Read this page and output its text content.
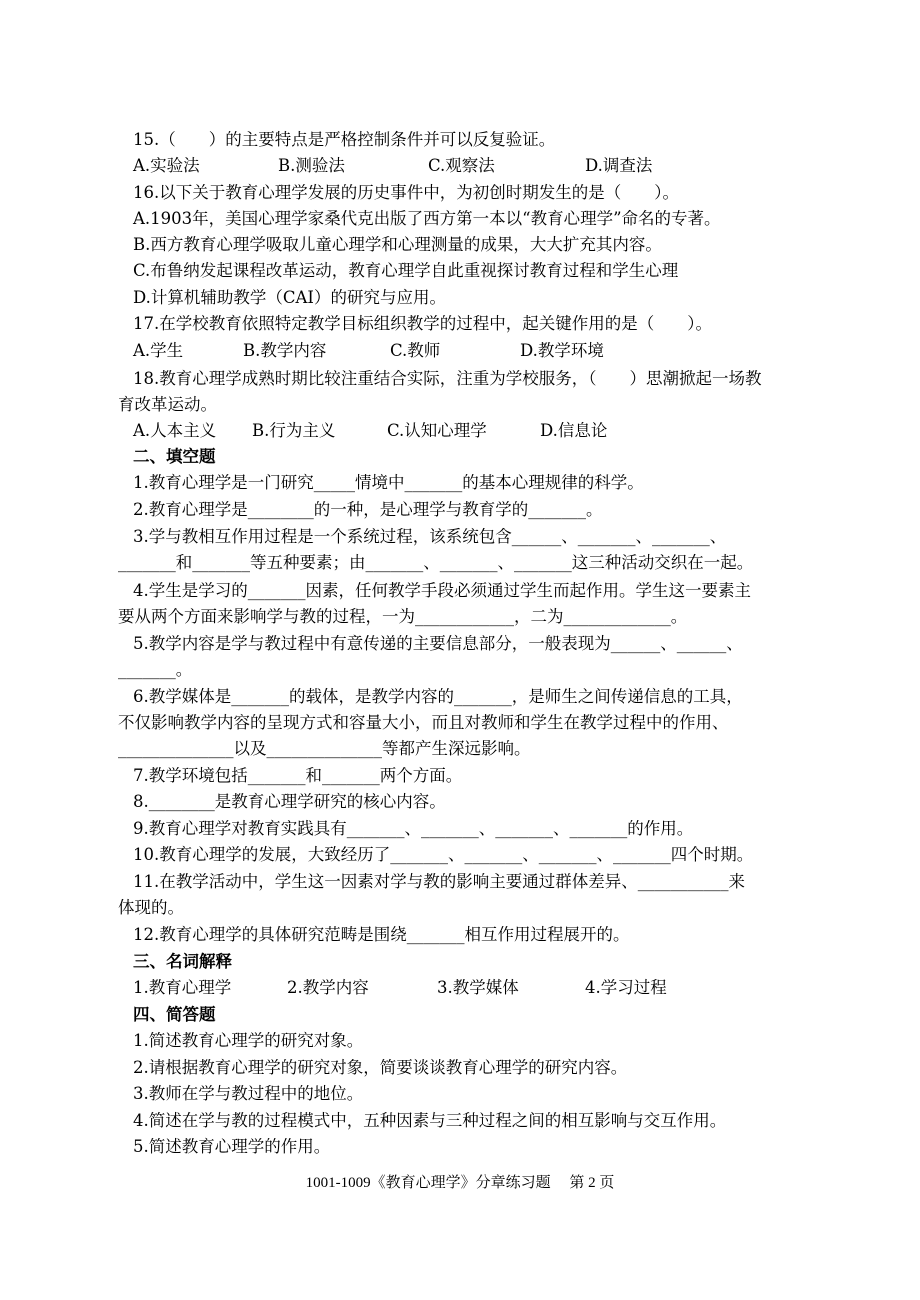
15.（　　）的主要特点是严格控制条件并可以反复验证。
A.实验法	B.测验法	C.观察法	D.调查法
16.以下关于教育心理学发展的历史事件中，为初创时期发生的是（　　）。
A.1903年，美国心理学家桑代克出版了西方第一本以“教育心理学”命名的专著。
B.西方教育心理学吸取儿童心理学和心理测量的成果，大大扩充其内容。
C.布鲁纳发起课程改革运动，教育心理学自此重视探讨教育过程和学生心理
D.计算机辅助教学（CAI）的研究与应用。
17.在学校教育依照特定教学目标组织教学的过程中，起关键作用的是（　　）。
A.学生	B.教学内容	C.教师	D.教学环境
18.教育心理学成熟时期比较注重结合实际，注重为学校服务，（　　）思潮掀起一场教
育改革运动。
A.人本主义 B.行为主义	C.认知心理学	D.信息论
二、填空题
1.教育心理学是一门研究_____情境中_______的基本心理规律的科学。
2.教育心理学是________的一种，是心理学与教育学的_______。
3.学与教相互作用过程是一个系统过程，该系统包含______、_______、_______、
_______和_______等五种要素；由_______、_______、_______这三种活动交织在一起。
4.学生是学习的_______因素，任何教学手段必须通过学生而起作用。学生这一要素主
要从两个方面来影响学与教的过程，一为____________，二为_____________。
5.教学内容是学与教过程中有意传递的主要信息部分，一般表现为______、______、
_______。
6.教学媒体是_______的载体，是教学内容的_______，是师生之间传递信息的工具，
不仅影响教学内容的呈现方式和容量大小，而且对教师和学生在教学过程中的作用、
______________以及______________等都产生深远影响。
7.教学环境包括_______和_______两个方面。
8.________是教育心理学研究的核心内容。
9.教育心理学对教育实践具有_______、_______、_______、_______的作用。
10.教育心理学的发展，大致经历了_______、_______、_______、_______四个时期。
11.在教学活动中，学生这一因素对学与教的影响主要通过群体差异、___________来
体现的。
12.教育心理学的具体研究范畴是围绕_______相互作用过程展开的。
三、名词解释
1.教育心理学	2.教学内容	3.教学媒体	4.学习过程
四、简答题
1.简述教育心理学的研究对象。
2.请根据教育心理学的研究对象，简要谈谈教育心理学的研究内容。
3.教师在学与教过程中的地位。
4.简述在学与教的过程模式中，五种因素与三种过程之间的相互影响与交互作用。
5.简述教育心理学的作用。
1001-1009《教育心理学》分章练习题　 第 2 页
